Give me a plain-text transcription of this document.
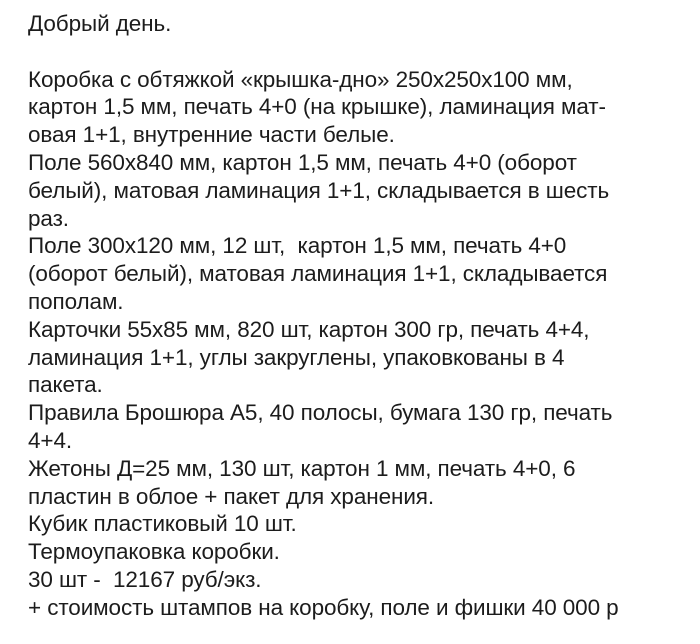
Добрый день.
Коробка с обтяжкой «крышка-дно» 250х250х100 мм,
картон 1,5 мм, печать 4+0 (на крышке), ламинация мат-
овая 1+1, внутренние части белые.
Поле 560х840 мм, картон 1,5 мм, печать 4+0 (оборот
белый), матовая ламинация 1+1, складывается в шесть
раз.
Поле 300х120 мм, 12 шт,  картон 1,5 мм, печать 4+0
(оборот белый), матовая ламинация 1+1, складывается
пополам.
Карточки 55х85 мм, 820 шт, картон 300 гр, печать 4+4,
ламинация 1+1, углы закруглены, упаковкованы в 4
пакета.
Правила Брошюра А5, 40 полосы, бумага 130 гр, печать
4+4.
Жетоны Д=25 мм, 130 шт, картон 1 мм, печать 4+0, 6
пластин в облое + пакет для хранения.
Кубик пластиковый 10 шт.
Термоупаковка коробки.
30 шт -  12167 руб/экз.
+ стоимость штампов на коробку, поле и фишки 40 000 р
